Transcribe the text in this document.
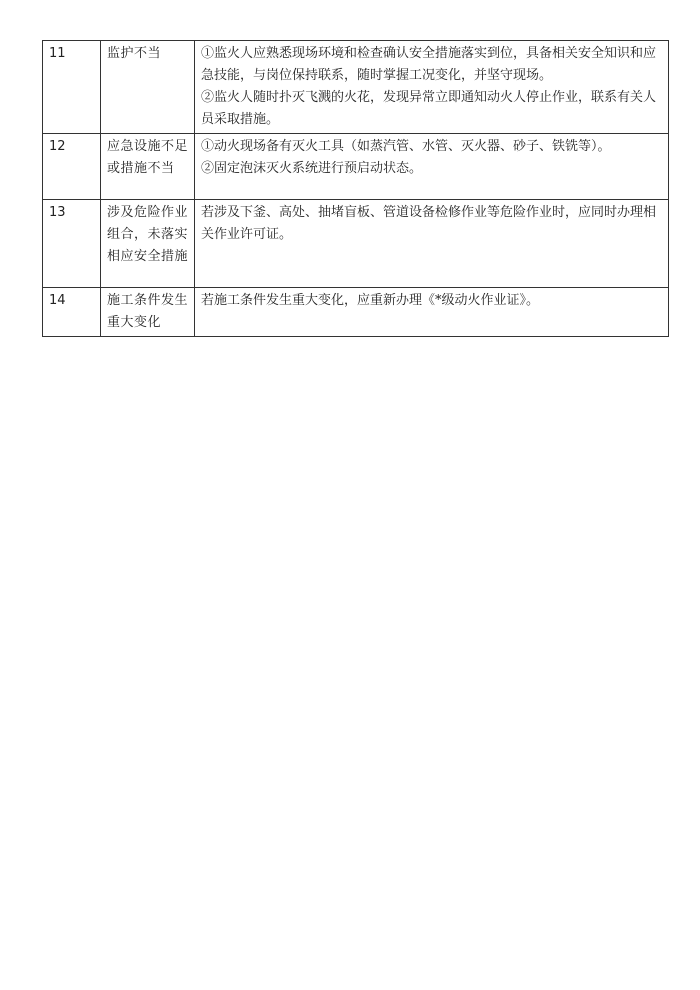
11	监护不当	①监火人应熟悉现场环境和检查确认安全措施落实到位，具备相关安全知识和应急技能，与岗位保持联系，随时掌握工况变化，并坚守现场。
②监火人随时扑灭飞溅的火花，发现异常立即通知动火人停止作业，联系有关人员采取措施。

12	应急设施不足或措施不当	①动火现场备有灭火工具（如蒸汽管、水管、灭火器、砂子、铁铣等）。
②固定泡沫灭火系统进行预启动状态。

13	涉及危险作业组合，未落实相应安全措施	若涉及下釜、高处、抽堵盲板、管道设备检修作业等危险作业时，应同时办理相关作业许可证。

14	施工条件发生重大变化	若施工条件发生重大变化，应重新办理《*级动火作业证》。
